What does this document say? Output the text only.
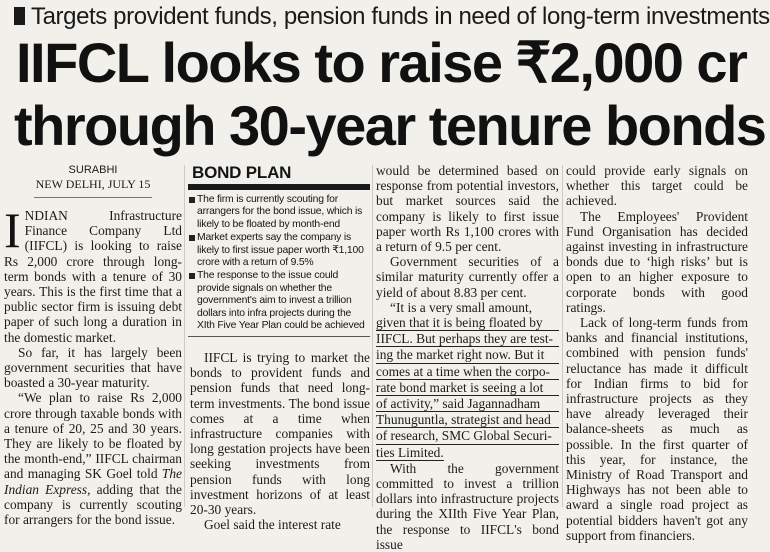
Targets provident funds, pension funds in need of long-term investments
IIFCL looks to raise ₹2,000 cr
through 30-year tenure bonds
SURABHI
NEW DELHI, JULY 15

INDIAN Infrastructure Finance Company Ltd (IIFCL) is looking to raise Rs 2,000 crore through long-term bonds with a tenure of 30 years. This is the first time that a public sector firm is issuing debt paper of such long a duration in the domestic market.

So far, it has largely been government securities that have boasted a 30-year maturity.

“We plan to raise Rs 2,000 crore through taxable bonds with a tenure of 20, 25 and 30 years. They are likely to be floated by the month-end,” IIFCL chairman and managing SK Goel told The Indian Express, adding that the company is currently scouting for arrangers for the bond issue.

BOND PLAN
The firm is currently scouting for arrangers for the bond issue, which is likely to be floated by month-end
Market experts say the company is likely to first issue paper worth ₹1,100 crore with a return of 9.5%
The response to the issue could provide signals on whether the government's aim to invest a trillion dollars into infra projects during the XIth Five Year Plan could be achieved

IIFCL is trying to market the bonds to provident funds and pension funds that need long-term investments. The bond issue comes at a time when infrastructure companies with long gestation projects have been seeking investments from pension funds with long investment horizons of at least 20-30 years.

Goel said the interest rate

would be determined based on response from potential investors, but market sources said the company is likely to first issue paper worth Rs 1,100 crores with a return of 9.5 per cent.

Government securities of a similar maturity currently offer a yield of about 8.83 per cent.

“It is a very small amount,
given that it is being floated by
IIFCL. But perhaps they are test-
ing the market right now. But it
comes at a time when the corpo-
rate bond market is seeing a lot
of activity,” said Jagannadham
Thunuguntla, strategist and head
of research, SMC Global Securi-
ties Limited.

With the government committed to invest a trillion dollars into infrastructure projects during the XIIth Five Year Plan, the response to IIFCL's bond issue

could provide early signals on whether this target could be achieved.

The Employees' Provident Fund Organisation has decided against investing in infrastructure bonds due to ‘high risks’ but is open to an higher exposure to corporate bonds with good ratings.

Lack of long-term funds from banks and financial institutions, combined with pension funds' reluctance has made it difficult for Indian firms to bid for infrastructure projects as they have already leveraged their balance-sheets as much as possible. In the first quarter of this year, for instance, the Ministry of Road Transport and Highways has not been able to award a single road project as potential bidders haven't got any support from financiers.
